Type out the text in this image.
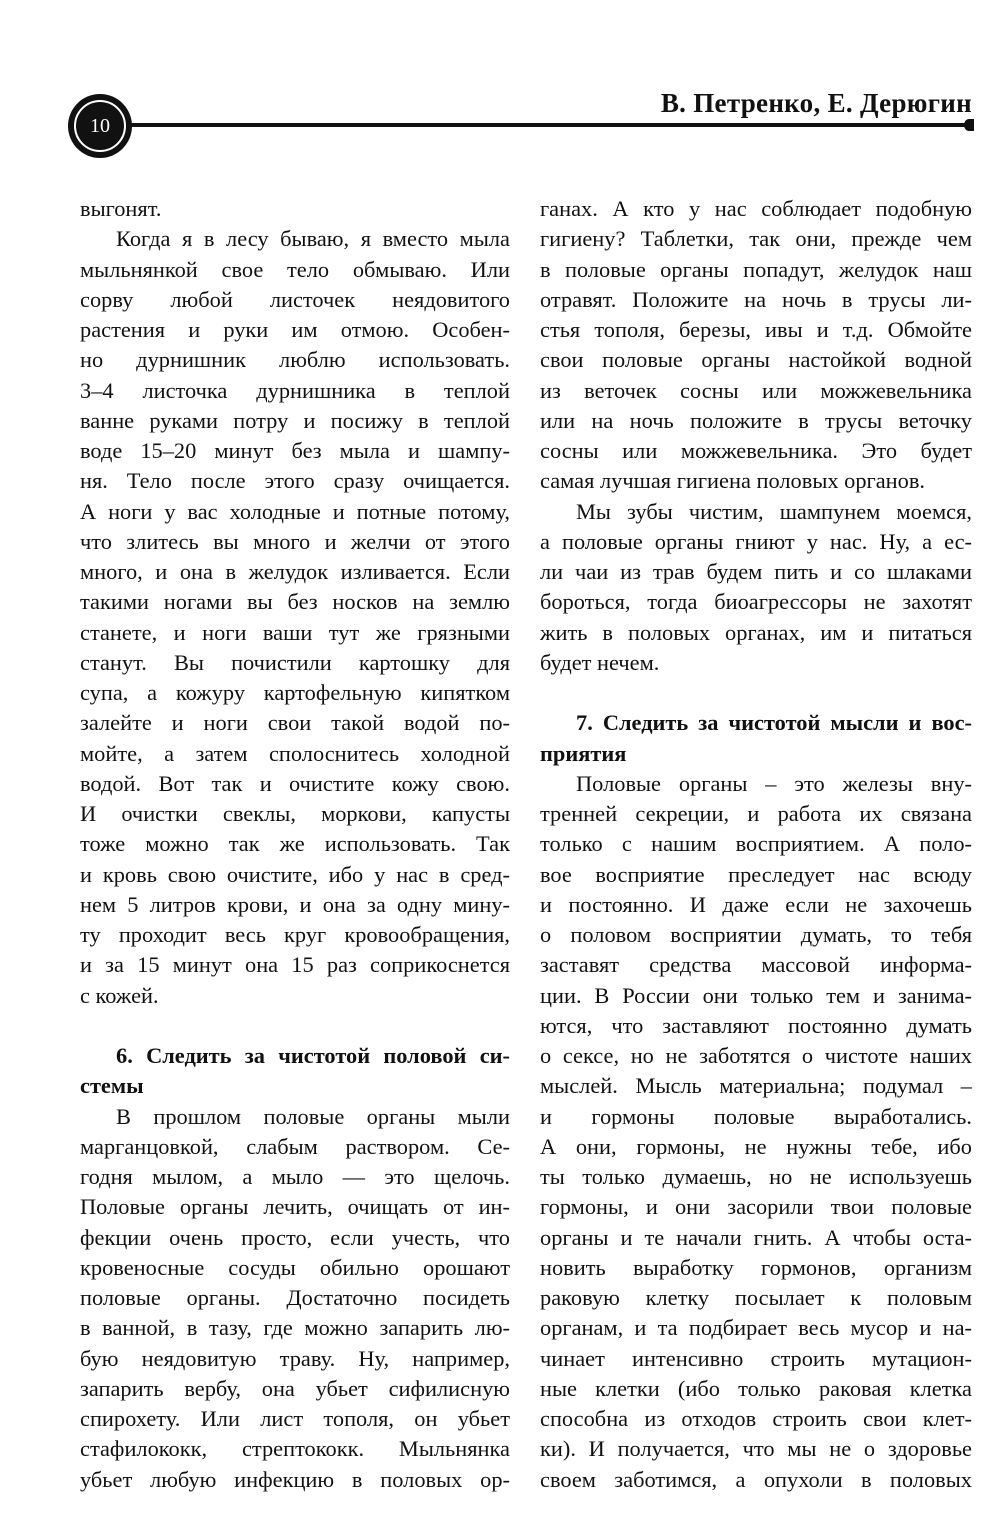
10
В. Петренко, Е. Дерюгин
выгонят.
Когда я в лесу бываю, я вместо мыла
мыльнянкой свое тело обмываю. Или
сорву любой листочек неядовитого
растения и руки им отмою. Особен-
но дурнишник люблю использовать.
3–4 листочка дурнишника в теплой
ванне руками потру и посижу в теплой
воде 15–20 минут без мыла и шампу-
ня. Тело после этого сразу очищается.
А ноги у вас холодные и потные потому,
что злитесь вы много и желчи от этого
много, и она в желудок изливается. Если
такими ногами вы без носков на землю
станете, и ноги ваши тут же грязными
станут. Вы почистили картошку для
супа, а кожуру картофельную кипятком
залейте и ноги свои такой водой по-
мойте, а затем сполоснитесь холодной
водой. Вот так и очистите кожу свою.
И очистки свеклы, моркови, капусты
тоже можно так же использовать. Так
и кровь свою очистите, ибо у нас в сред-
нем 5 литров крови, и она за одну мину-
ту проходит весь круг кровообращения,
и за 15 минут она 15 раз соприкоснется
с кожей.
6. Следить за чистотой половой си-
стемы
В прошлом половые органы мыли
марганцовкой, слабым раствором. Се-
годня мылом, а мыло — это щелочь.
Половые органы лечить, очищать от ин-
фекции очень просто, если учесть, что
кровеносные сосуды обильно орошают
половые органы. Достаточно посидеть
в ванной, в тазу, где можно запарить лю-
бую неядовитую траву. Ну, например,
запарить вербу, она убьет сифилисную
спирохету. Или лист тополя, он убьет
стафилококк, стрептококк. Мыльнянка
убьет любую инфекцию в половых ор-
ганах. А кто у нас соблюдает подобную
гигиену? Таблетки, так они, прежде чем
в половые органы попадут, желудок наш
отравят. Положите на ночь в трусы ли-
стья тополя, березы, ивы и т.д. Обмойте
свои половые органы настойкой водной
из веточек сосны или можжевельника
или на ночь положите в трусы веточку
сосны или можжевельника. Это будет
самая лучшая гигиена половых органов.
Мы зубы чистим, шампунем моемся,
а половые органы гниют у нас. Ну, а ес-
ли чаи из трав будем пить и со шлаками
бороться, тогда биоагрессоры не захотят
жить в половых органах, им и питаться
будет нечем.
7. Следить за чистотой мысли и вос-
приятия
Половые органы – это железы вну-
тренней секреции, и работа их связана
только с нашим восприятием. А поло-
вое восприятие преследует нас всюду
и постоянно. И даже если не захочешь
о половом восприятии думать, то тебя
заставят средства массовой информа-
ции. В России они только тем и занима-
ются, что заставляют постоянно думать
о сексе, но не заботятся о чистоте наших
мыслей. Мысль материальна; подумал –
и гормоны половые выработались.
А они, гормоны, не нужны тебе, ибо
ты только думаешь, но не используешь
гормоны, и они засорили твои половые
органы и те начали гнить. А чтобы оста-
новить выработку гормонов, организм
раковую клетку посылает к половым
органам, и та подбирает весь мусор и на-
чинает интенсивно строить мутацион-
ные клетки (ибо только раковая клетка
способна из отходов строить свои клет-
ки). И получается, что мы не о здоровье
своем заботимся, а опухоли в половых
